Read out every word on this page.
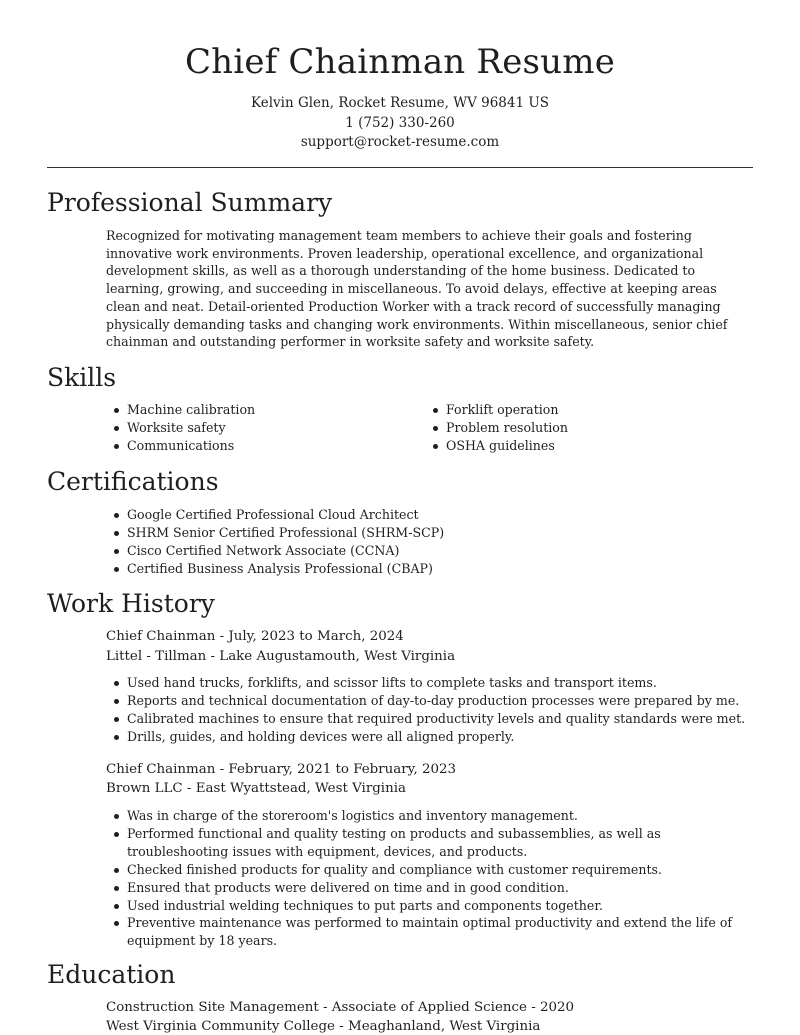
Chief Chainman Resume
Kelvin Glen, Rocket Resume, WV 96841 US
1 (752) 330-260
support@rocket-resume.com
Professional Summary

Recognized for motivating management team members to achieve their goals and fostering innovative work environments. Proven leadership, operational excellence, and organizational development skills, as well as a thorough understanding of the home business. Dedicated to learning, growing, and succeeding in miscellaneous. To avoid delays, effective at keeping areas clean and neat. Detail-oriented Production Worker with a track record of successfully managing physically demanding tasks and changing work environments. Within miscellaneous, senior chief chainman and outstanding performer in worksite safety and worksite safety.

Skills
Machine calibration
Worksite safety
Communications
Forklift operation
Problem resolution
OSHA guidelines
Certifications
Google Certified Professional Cloud Architect
SHRM Senior Certified Professional (SHRM-SCP)
Cisco Certified Network Associate (CCNA)
Certified Business Analysis Professional (CBAP)
Work History
Chief Chainman - July, 2023 to March, 2024
Littel - Tillman - Lake Augustamouth, West Virginia
Used hand trucks, forklifts, and scissor lifts to complete tasks and transport items.
Reports and technical documentation of day-to-day production processes were prepared by me.
Calibrated machines to ensure that required productivity levels and quality standards were met.
Drills, guides, and holding devices were all aligned properly.
Chief Chainman - February, 2021 to February, 2023
Brown LLC - East Wyattstead, West Virginia
Was in charge of the storeroom's logistics and inventory management.
Performed functional and quality testing on products and subassemblies, as well as troubleshooting issues with equipment, devices, and products.
Checked finished products for quality and compliance with customer requirements.
Ensured that products were delivered on time and in good condition.
Used industrial welding techniques to put parts and components together.
Preventive maintenance was performed to maintain optimal productivity and extend the life of equipment by 18 years.
Education
Construction Site Management - Associate of Applied Science - 2020
West Virginia Community College - Meaghanland, West Virginia
